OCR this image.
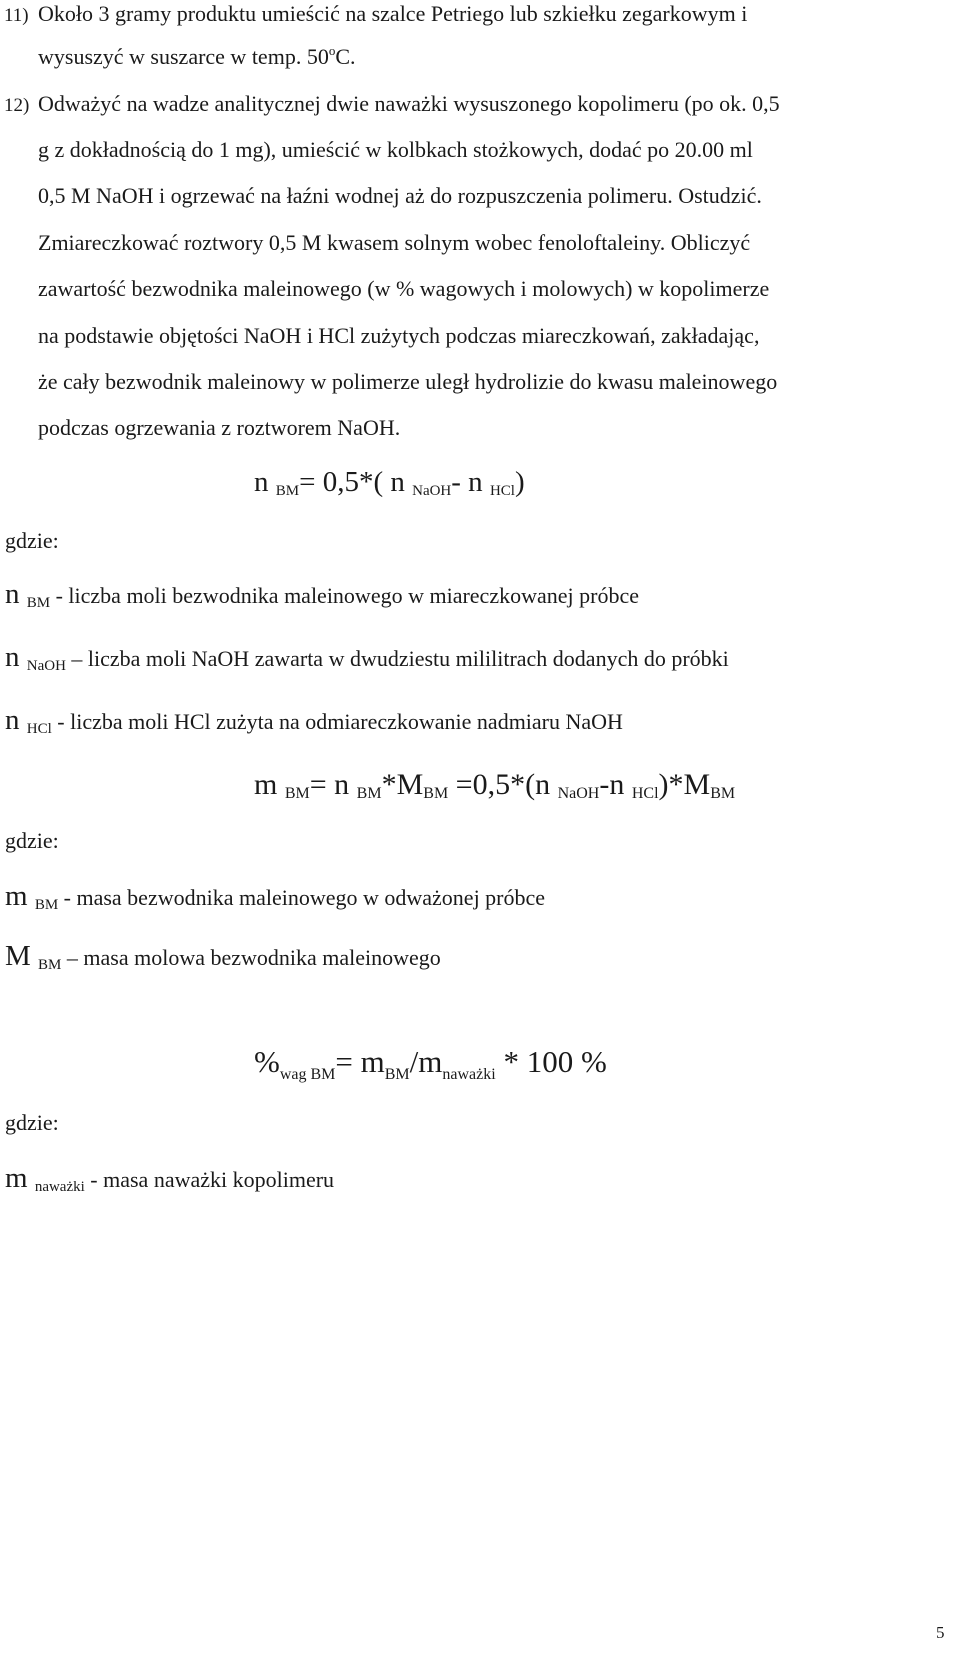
11) Około 3 gramy produktu umieścić na szalce Petriego lub szkiełku zegarkowym i
wysuszyć w suszarce w temp. 50$^o$C.
12) Odważyć na wadze analitycznej dwie naważki wysuszonego kopolimeru (po ok. 0,5
g z dokładnością do 1 mg), umieścić w kolbkach stożkowych, dodać po 20.00 ml
0,5 M NaOH i ogrzewać na łaźni wodnej aż do rozpuszczenia polimeru. Ostudzić.
Zmiareczkować roztwory 0,5 M kwasem solnym wobec fenoloftaleiny. Obliczyć
zawartość bezwodnika maleinowego (w % wagowych i molowych) w kopolimerze
na podstawie objętości NaOH i HCl zużytych podczas miareczkowań, zakładając,
że cały bezwodnik maleinowy w polimerze uległ hydrolizie do kwasu maleinowego
podczas ogrzewania z roztworem NaOH.
n $_{BM}$= 0,5*( n $_{NaOH}$- n $_{HCl}$)
gdzie:
n $_{BM}$ - liczba moli bezwodnika maleinowego w miareczkowanej próbce
n $_{NaOH}$ – liczba moli NaOH zawarta w dwudziestu mililitrach dodanych do próbki
n $_{HCl}$ - liczba moli HCl zużyta na odmiareczkowanie nadmiaru NaOH
m $_{BM}$= n $_{BM}*M_{BM} =0,5*(n$ $_{NaOH}$-n $_{HCl})*M_{BM}$
gdzie:
m $_{BM}$ - masa bezwodnika maleinowego w odważonej próbce
M $_{BM}$ – masa molowa bezwodnika maleinowego
$\%_{wag BM}= m_{BM}/m_{naważki} * 100$ %
gdzie:
m $_{naważki}$ - masa naważki kopolimeru
5
